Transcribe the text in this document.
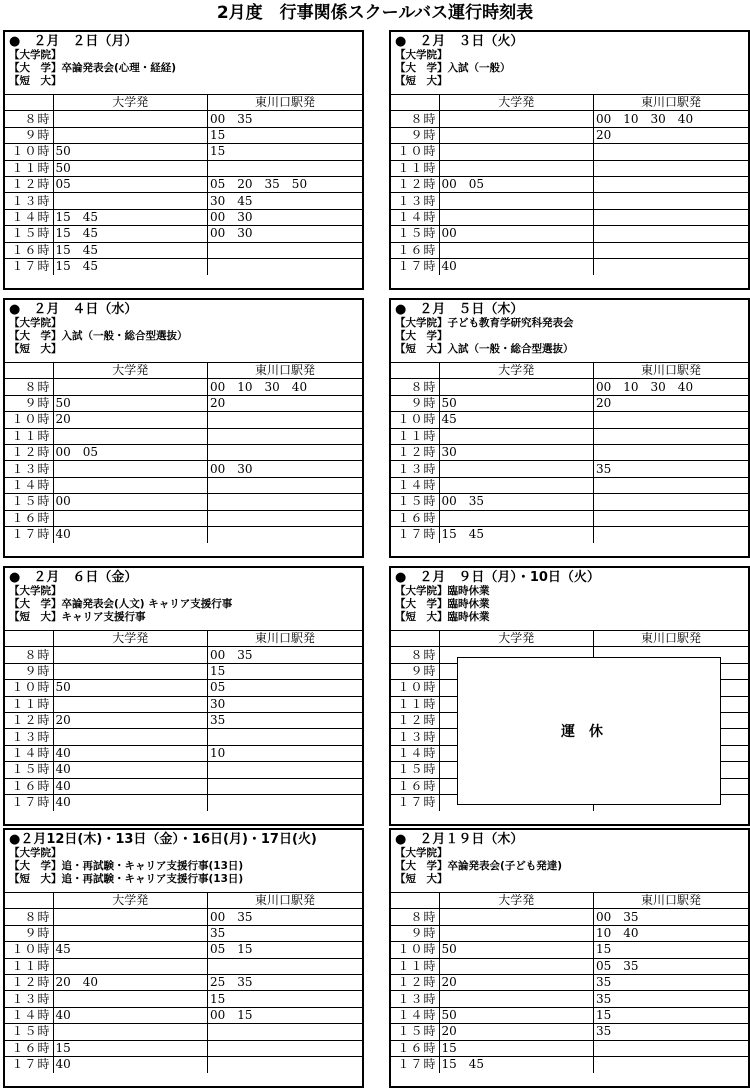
2月度　行事関係スクールバス運行時刻表
●　２月　２日（月）
【大学院】
【大　学】卒論発表会(心理・経経)
【短　大】
	大学発	東川口駅発
８時		00　35
９時		15
１０時	50	15
１１時	50	
１２時	05	05　20　35　50
１３時		30　45
１４時	15　45	00　30
１５時	15　45	00　30
１６時	15　45	
１７時	15　45	
●　２月　３日（火）
【大学院】
【大　学】入試（一般）
【短　大】
	大学発	東川口駅発
８時		00　10　30　40
９時		20
１０時		
１１時		
１２時	00　05	
１３時		
１４時		
１５時	00	
１６時		
１７時	40	
●　２月　４日（水）
【大学院】
【大　学】入試（一般・総合型選抜）
【短　大】
	大学発	東川口駅発
８時		00　10　30　40
９時	50	20
１０時	20	
１１時		
１２時	00　05	
１３時		00　30
１４時		
１５時	00	
１６時		
１７時	40	
●　２月　５日（木）
【大学院】子ども教育学研究科発表会
【大　学】
【短　大】入試（一般・総合型選抜）
	大学発	東川口駅発
８時		00　10　30　40
９時	50	20
１０時	45	
１１時		
１２時	30	
１３時		35
１４時		
１５時	00　35	
１６時		
１７時	15　45	
●　２月　６日（金）
【大学院】
【大　学】卒論発表会(人文) キャリア支援行事
【短　大】キャリア支援行事
	大学発	東川口駅発
８時		00　35
９時		15
１０時	50	05
１１時		30
１２時	20	35
１３時		
１４時	40	10
１５時	40	
１６時	40	
１７時	40	
●　２月　９日（月）・10日（火）
【大学院】臨時休業
【大　学】臨時休業
【短　大】臨時休業
	大学発	東川口駅発
８時		
９時		
１０時		
１１時		
１２時		
１３時		
１４時		
１５時		
１６時		
１７時		
運休
●２月12日(木)・13日（金）・16日(月)・17日(火)
【大学院】
【大　学】追・再試験・キャリア支援行事(13日)
【短　大】追・再試験・キャリア支援行事(13日)
	大学発	東川口駅発
８時		00　35
９時		35
１０時	45	05　15
１１時		
１２時	20　40	25　35
１３時		15
１４時	40	00　15
１５時		
１６時	15	
１７時	40	
●　２月１９日（木）
【大学院】
【大　学】卒論発表会(子ども発達)
【短　大】
	大学発	東川口駅発
８時		00　35
９時		10　40
１０時	50	15
１１時		05　35
１２時	20	35
１３時		35
１４時	50	15
１５時	20	35
１６時	15	
１７時	15　45	
